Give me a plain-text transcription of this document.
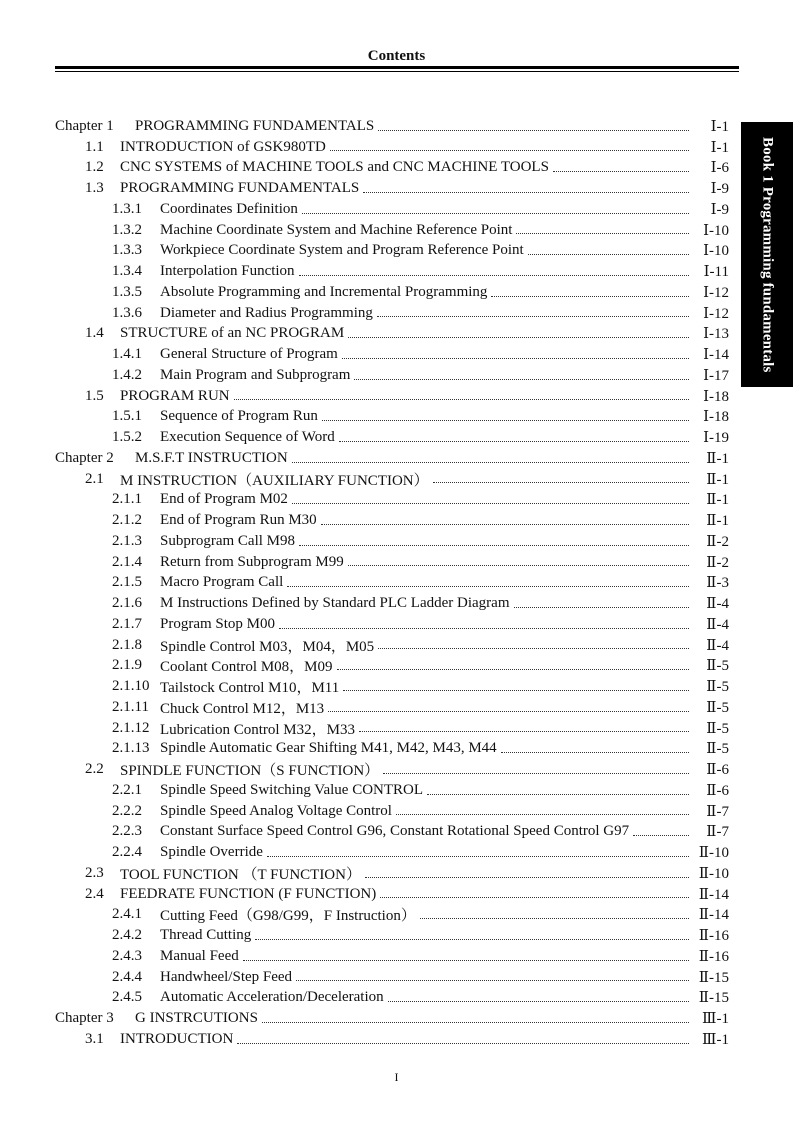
Contents
Chapter 1	PROGRAMMING FUNDAMENTALS	Ⅰ-1
1.1	INTRODUCTION of GSK980TD	Ⅰ-1
1.2	CNC SYSTEMS of MACHINE TOOLS and CNC MACHINE TOOLS	Ⅰ-6
1.3	PROGRAMMING FUNDAMENTALS	Ⅰ-9
1.3.1	Coordinates Definition	Ⅰ-9
1.3.2	Machine Coordinate System and Machine Reference Point	Ⅰ-10
1.3.3	Workpiece Coordinate System and Program Reference Point	Ⅰ-10
1.3.4	Interpolation Function	Ⅰ-11
1.3.5	Absolute Programming and Incremental Programming	Ⅰ-12
1.3.6	Diameter and Radius Programming	Ⅰ-12
1.4	STRUCTURE of an NC PROGRAM	Ⅰ-13
1.4.1	General Structure of Program	Ⅰ-14
1.4.2	Main Program and Subprogram	Ⅰ-17
1.5	PROGRAM RUN	Ⅰ-18
1.5.1	Sequence of Program Run	Ⅰ-18
1.5.2	Execution Sequence of Word	Ⅰ-19
Chapter 2	M.S.F.T INSTRUCTION	Ⅱ-1
2.1	M INSTRUCTION（AUXILIARY FUNCTION）	Ⅱ-1
2.1.1	End of Program M02	Ⅱ-1
2.1.2	End of Program Run M30	Ⅱ-1
2.1.3	Subprogram Call M98	Ⅱ-2
2.1.4	Return from Subprogram M99	Ⅱ-2
2.1.5	Macro Program Call	Ⅱ-3
2.1.6	M Instructions Defined by Standard PLC Ladder Diagram	Ⅱ-4
2.1.7	Program Stop M00	Ⅱ-4
2.1.8	Spindle Control M03，M04，M05	Ⅱ-4
2.1.9	Coolant Control M08，M09	Ⅱ-5
2.1.10 Tailstock Control M10，M11	Ⅱ-5
2.1.11 Chuck Control M12，M13	Ⅱ-5
2.1.12 Lubrication Control M32，M33	Ⅱ-5
2.1.13 Spindle Automatic Gear Shifting M41, M42, M43, M44	Ⅱ-5
2.2	SPINDLE FUNCTION（S FUNCTION）	Ⅱ-6
2.2.1	Spindle Speed Switching Value CONTROL	Ⅱ-6
2.2.2	Spindle Speed Analog Voltage Control	Ⅱ-7
2.2.3	Constant Surface Speed Control G96, Constant Rotational Speed Control G97	Ⅱ-7
2.2.4	Spindle Override	Ⅱ-10
2.3	TOOL FUNCTION （T FUNCTION）	Ⅱ-10
2.4	FEEDRATE FUNCTION (F FUNCTION)	Ⅱ-14
2.4.1	Cutting Feed（G98/G99，F Instruction）	Ⅱ-14
2.4.2	Thread Cutting	Ⅱ-16
2.4.3	Manual Feed	Ⅱ-16
2.4.4	Handwheel/Step Feed	Ⅱ-15
2.4.5	Automatic Acceleration/Deceleration	Ⅱ-15
Chapter 3	G INSTRCUTIONS	Ⅲ-1
3.1	INTRODUCTION	Ⅲ-1
Book 1 Programming fundamentals
I
